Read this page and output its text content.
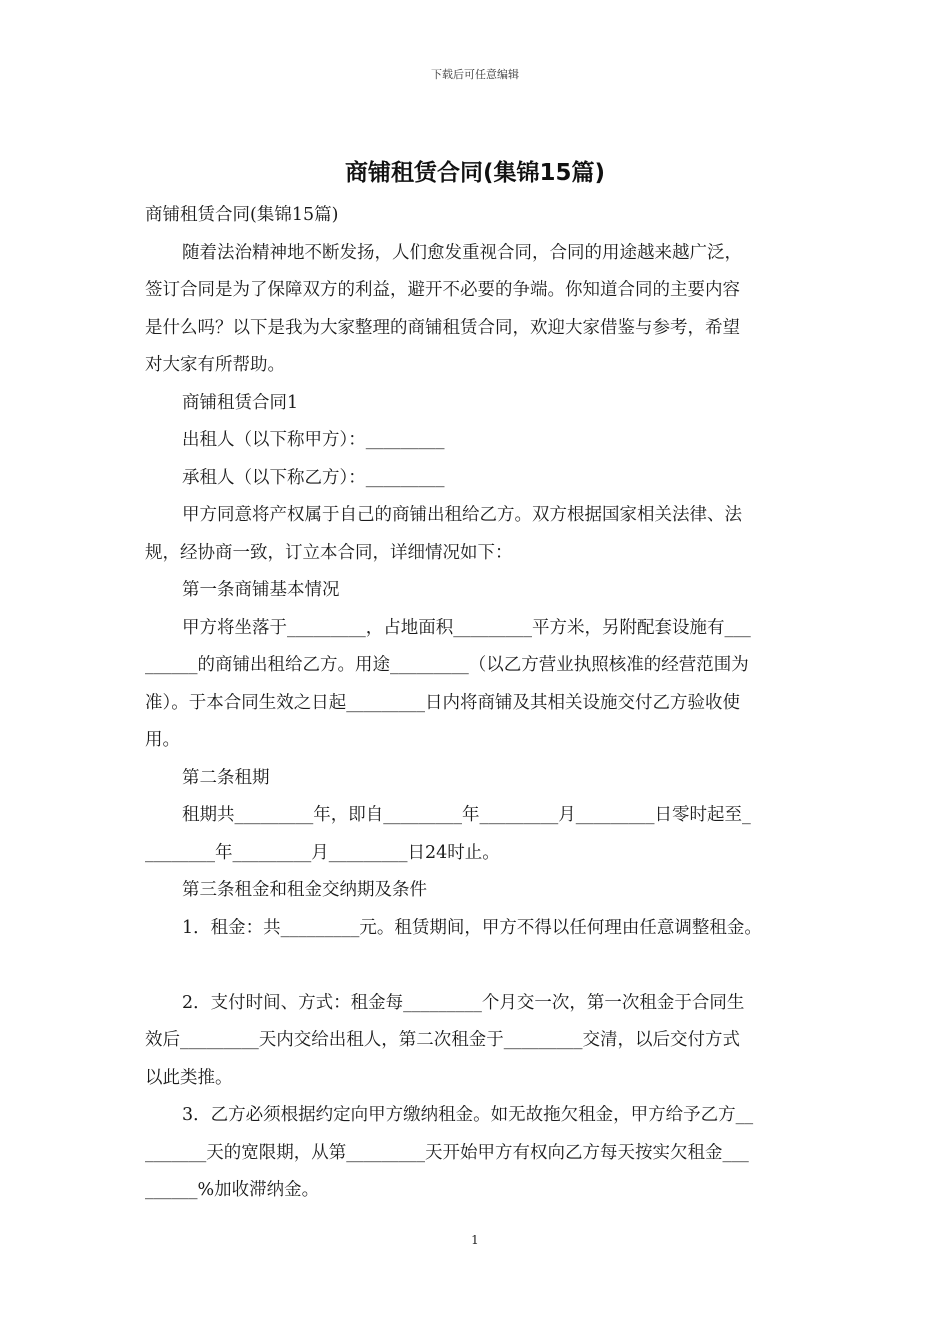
下载后可任意编辑
商铺租赁合同(集锦15篇)
商铺租赁合同(集锦15篇)
随着法治精神地不断发扬，人们愈发重视合同，合同的用途越来越广泛，
签订合同是为了保障双方的利益，避开不必要的争端。你知道合同的主要内容
是什么吗？以下是我为大家整理的商铺租赁合同，欢迎大家借鉴与参考，希望
对大家有所帮助。
商铺租赁合同1
出租人（以下称甲方）：_________
承租人（以下称乙方）：_________
甲方同意将产权属于自己的商铺出租给乙方。双方根据国家相关法律、法
规，经协商一致，订立本合同，详细情况如下：
第一条商铺基本情况
甲方将坐落于_________，占地面积_________平方米，另附配套设施有___
______的商铺出租给乙方。用途_________（以乙方营业执照核准的经营范围为
准）。于本合同生效之日起_________日内将商铺及其相关设施交付乙方验收使
用。
第二条租期
租期共_________年，即自_________年_________月_________日零时起至_
________年_________月_________日24时止。
第三条租金和租金交纳期及条件
1．租金：共_________元。租赁期间，甲方不得以任何理由任意调整租金。
2．支付时间、方式：租金每_________个月交一次，第一次租金于合同生
效后_________天内交给出租人，第二次租金于_________交清，以后交付方式
以此类推。
3．乙方必须根据约定向甲方缴纳租金。如无故拖欠租金，甲方给予乙方__
_______天的宽限期，从第_________天开始甲方有权向乙方每天按实欠租金___
______%加收滞纳金。
1
